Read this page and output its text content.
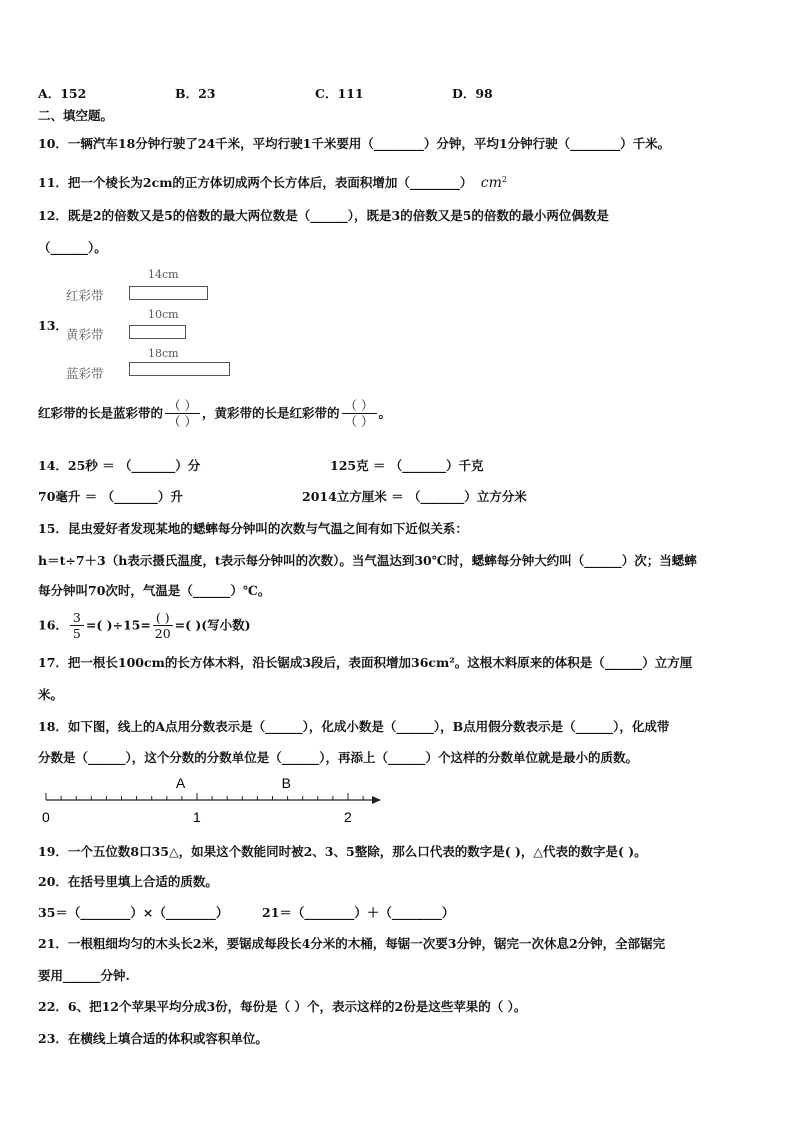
A．152	B．23	C．111	D．98
二、填空题。
10．一辆汽车18分钟行驶了24千米，平均行驶1千米要用（________）分钟，平均1分钟行驶（________）千米。
11．把一个棱长为2cm的正方体切成两个长方体后，表面积增加（________） $cm^2$
12．既是2的倍数又是5的倍数的最大两位数是（______），既是3的倍数又是5的倍数的最小两位偶数是
（______）。
13．
14cm
红彩带
10cm
黄彩带
18cm
蓝彩带
红彩带的长是蓝彩带的 $\frac{( )}{( )}$ ，黄彩带的长是红彩带的 $\frac{( )}{( )}$ 。
14．25秒 ＝ （_______）分	125克 ＝ （_______）千克
70毫升 ＝ （_______）升	2014立方厘米 ＝ （_______）立方分米
15．昆虫爱好者发现某地的蟋蟀每分钟叫的次数与气温之间有如下近似关系：
h＝t÷7＋3（h表示摄氏温度，t表示每分钟叫的次数）。当气温达到30℃时，蟋蟀每分钟大约叫（______）次；当蟋蟀
每分钟叫70次时，气温是（______）℃。
16． $\frac{3}{5}$ =( )$\div 15= \frac{( )}{20}$ =( )(写小数)
17．把一根长100cm的长方体木料，沿长锯成3段后，表面积增加36cm²。这根木料原来的体积是（______）立方厘
米。
18．如下图，线上的A点用分数表示是（______），化成小数是（______），B点用假分数表示是（______），化成带
分数是（______），这个分数的分数单位是（______），再添上（______）个这样的分数单位就是最小的质数。
A	B
0	1	2
19．一个五位数8口35△，如果这个数能同时被2、3、5整除，那么口代表的数字是( )，△代表的数字是( )。
20．在括号里填上合适的质数。
35＝（________）×（________）	21＝（________）＋（________）
21．一根粗细均匀的木头长2米，要锯成每段长4分米的木桶，每锯一次要3分钟，锯完一次休息2分钟，全部锯完
要用______分钟.
22．6、把12个苹果平均分成3份，每份是（ ）个，表示这样的2份是这些苹果的（ ）。
23．在横线上填合适的体积或容积单位。
